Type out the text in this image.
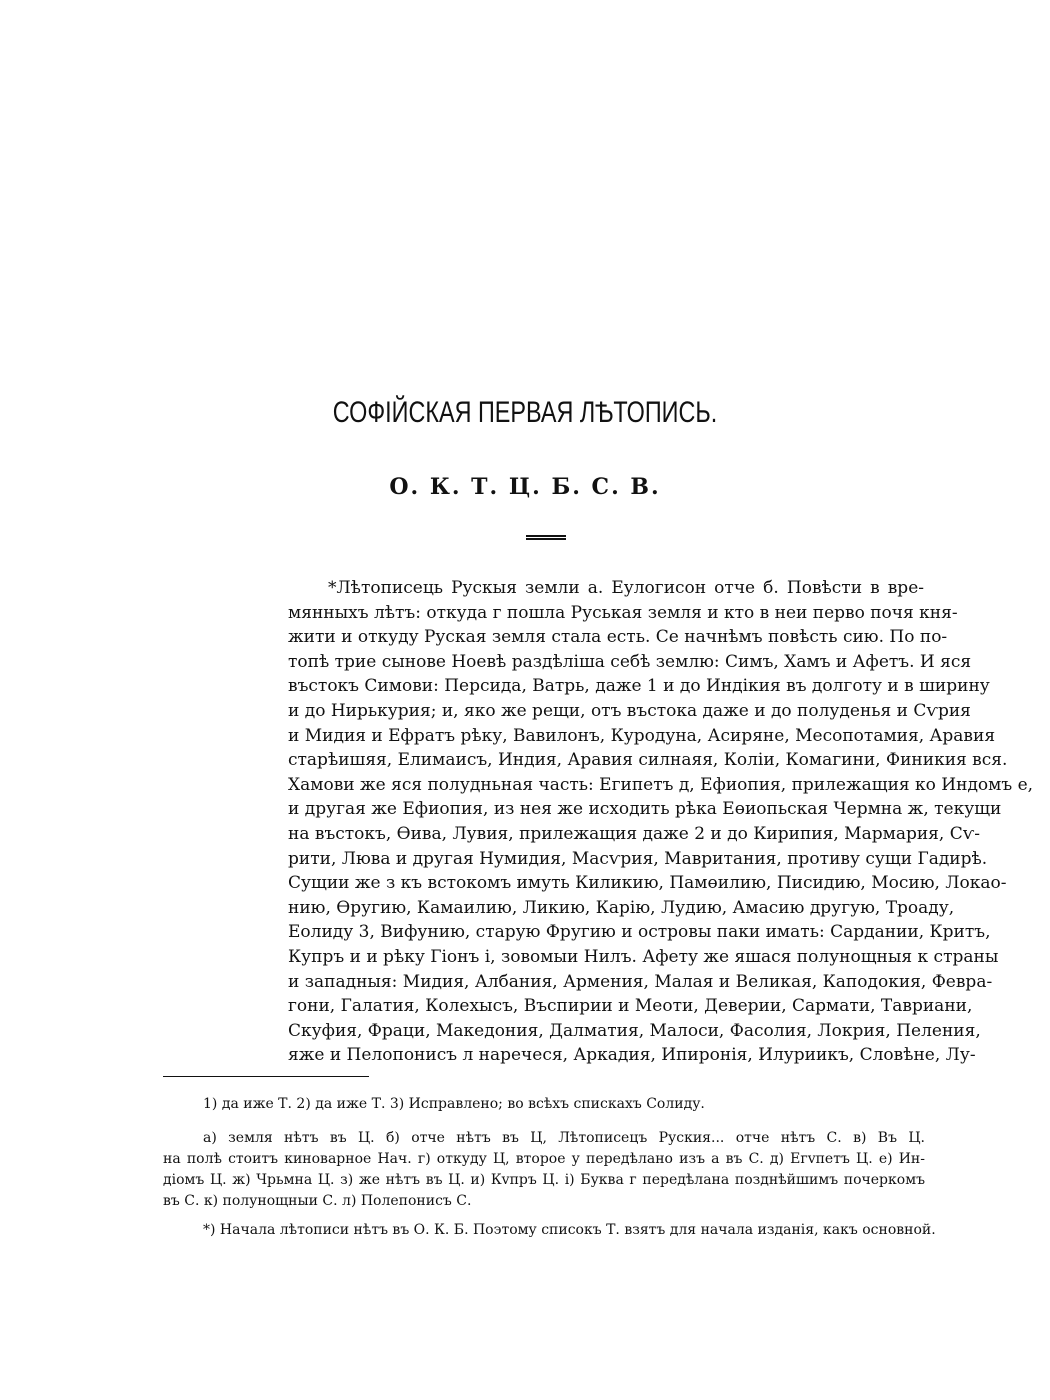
СОФІЙСКАЯ ПЕРВАЯ ЛѢТОПИСЬ.
О. К. Т. Ц. Б. С. В.
*Лѣтописець Рускыя земли а. Еулогисон отче б. Повѣсти в вре-
мянныхъ лѣтъ: откуда г пошла Руськая земля и кто в неи перво почя кня-
жити и откуду Руская земля стала есть. Се начнѣмъ повѣсть сию. По по-
топѣ трие сынове Ноевѣ раздѣлiша себѣ землю: Симъ, Хамъ и Афетъ. И яся
въстокъ Симови: Персида, Ватрь, даже 1 и до Индікия въ долготу и в ширину
и до Нирькурия; и, яко же рещи, отъ въстока даже и до полуденья и Сѵрия
и Мидия и Ефратъ рѣку, Вавилонъ, Куродуна, Асиряне, Месопотамия, Аравия
старѣишяя, Елимаисъ, Индия, Аравия силнаяя, Коліи, Комагини, Финикия вся.
Хамови же яся полудньная часть: Египетъ д, Ефиопия, прилежащия ко Индомъ е,
и другая же Ефиопия, из нея же исходить рѣка Еөиопьская Чермна ж, текущи
на въстокъ, Өива, Лувия, прилежащия даже 2 и до Кирипия, Мармария, Сѵ-
рити, Люва и другая Нумидия, Масѵрия, Мавритания, противу сущи Гадирѣ.
Сущии же з къ встокомъ имуть Киликию, Памөилию, Писидию, Мосию, Локао-
нию, Өругию, Камаилию, Ликию, Карію, Лудию, Амасию другую, Троаду,
Еолиду 3, Вифунию, старую Фругию и островы паки имать: Сардании, Критъ,
Купръ и и рѣку Гіонъ і, зовомыи Нилъ. Афету же яшася полунощныя к страны
и западныя: Мидия, Албания, Армения, Малая и Великая, Каподокия, Феврa-
гони, Галатия, Колехысъ, Въспирии и Меоти, Деверии, Сармати, Тавриани,
Скуфия, Фраци, Македония, Далматия, Малоси, Фасолия, Локрия, Пеления,
яже и Пелопонисъ л наречеся, Аркадия, Ипиронія, Илуриикъ, Словѣне, Лу-
1) да иже Т. 2) да иже Т. 3) Исправлено; во всѣхъ спискахъ Солиду.
а) земля нѣтъ въ Ц. б) отче нѣтъ въ Ц, Лѣтописецъ Руския... отче нѣтъ С. в) Въ Ц.
на полѣ стоитъ киноварное Нач. г) откуду Ц, второе у передѣлано изъ а въ С. д) Егvпетъ Ц. е) Ин-
діомъ Ц. ж) Чрьмна Ц. з) же нѣтъ въ Ц. и) Кvпръ Ц. і) Буква г передѣлана позднѣйшимъ почеркомъ
въ С. к) полунощныи С. л) Полепонисъ С.
*) Начала лѣтописи нѣтъ въ О. К. Б. Поэтому списокъ Т. взятъ для начала изданія, какъ основной.
